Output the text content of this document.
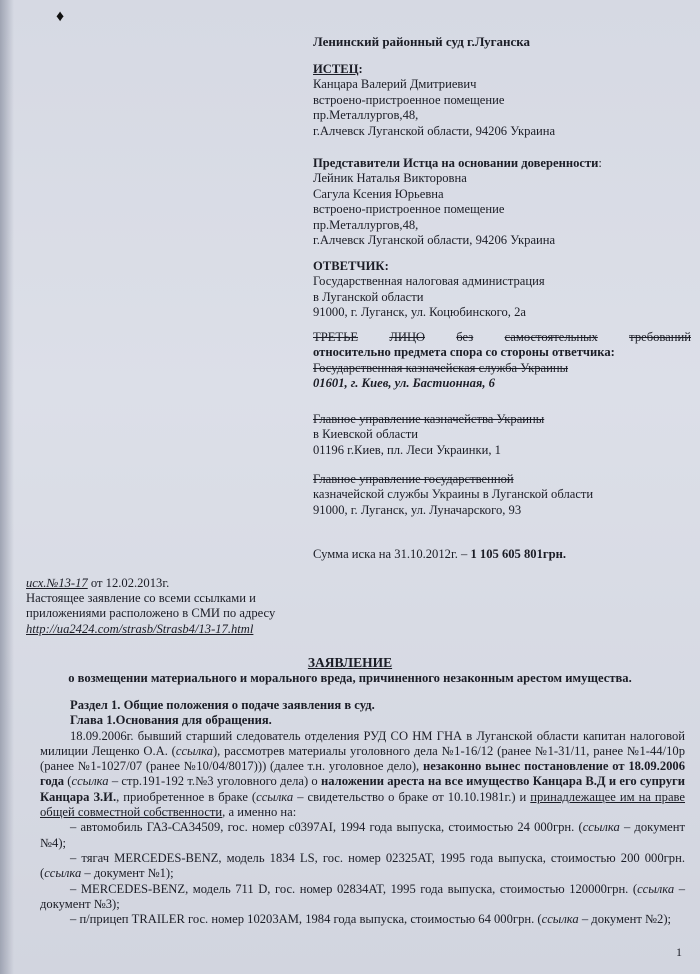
♦
Ленинский районный суд г.Луганска
ИСТЕЦ:
Канцара Валерий Дмитриевич
встроено-пристроенное помещение
пр.Металлургов,48,
г.Алчевск Луганской области, 94206 Украина
Представители Истца на основании доверенности:
Лейник Наталья Викторовна
Сагула Ксения Юрьевна
встроено-пристроенное помещение
пр.Металлургов,48,
г.Алчевск Луганской области, 94206 Украина
ОТВЕТЧИК:
Государственная налоговая администрация
в Луганской области
91000, г. Луганск, ул. Коцюбинского, 2а
ТРЕТЬЕ ЛИЦО без самостоятельных требований
относительно предмета спора со стороны ответчика:
Государственная казначейская служба Украины
01601, г. Киев, ул. Бастионная, 6
Главное управление казначейства Украины
в Киевской области
01196 г.Киев, пл. Леси Украинки, 1
Главное управление государственной
казначейской службы Украины в Луганской области
91000, г. Луганск, ул. Луначарского, 93
Сумма иска на 31.10.2012г. – 1 105 605 801грн.
исх.№13-17 от 12.02.2013г.
Настоящее заявление со всеми ссылками и
приложениями расположено в СМИ по адресу
http://ua2424.com/strasb/Strasb4/13-17.html
ЗАЯВЛЕНИЕ
о возмещении материального и морального вреда, причиненного незаконным арестом имущества.

Раздел 1. Общие положения о подаче заявления в суд.

Глава 1.Основания для обращения.

18.09.2006г. бывший старший следователь отделения РУД СО НМ ГНА в Луганской области капитан налоговой милиции Лещенко О.А. (ссылка), рассмотрев материалы уголовного дела №1-16/12 (ранее №1-31/11, ранее №1-44/10р (ранее №1-1027/07 (ранее №10/04/8017))) (далее т.н. уголовное дело), незаконно вынес постановление от 18.09.2006 года (ссылка – стр.191-192 т.№3 уголовного дела) о наложении ареста на все имущество Канцара В.Д и его супруги Канцара З.И., приобретенное в браке (ссылка – свидетельство о браке от 10.10.1981г.) и принадлежащее им на праве общей совместной собственности, а именно на:

– автомобиль ГАЗ-СА34509, гос. номер с0397AI, 1994 года выпуска, стоимостью 24 000грн. (ссылка – документ №4);

– тягач MERCEDES-BENZ, модель 1834 LS, гос. номер 02325AT, 1995 года выпуска, стоимостью 200 000грн. (ссылка – документ №1);

– MERCEDES-BENZ, модель 711 D, гос. номер 02834AT, 1995 года выпуска, стоимостью 120000грн. (ссылка – документ №3);

– п/прицеп TRAILER гос. номер 10203AM, 1984 года выпуска, стоимостью 64 000грн. (ссылка – документ №2);

1
